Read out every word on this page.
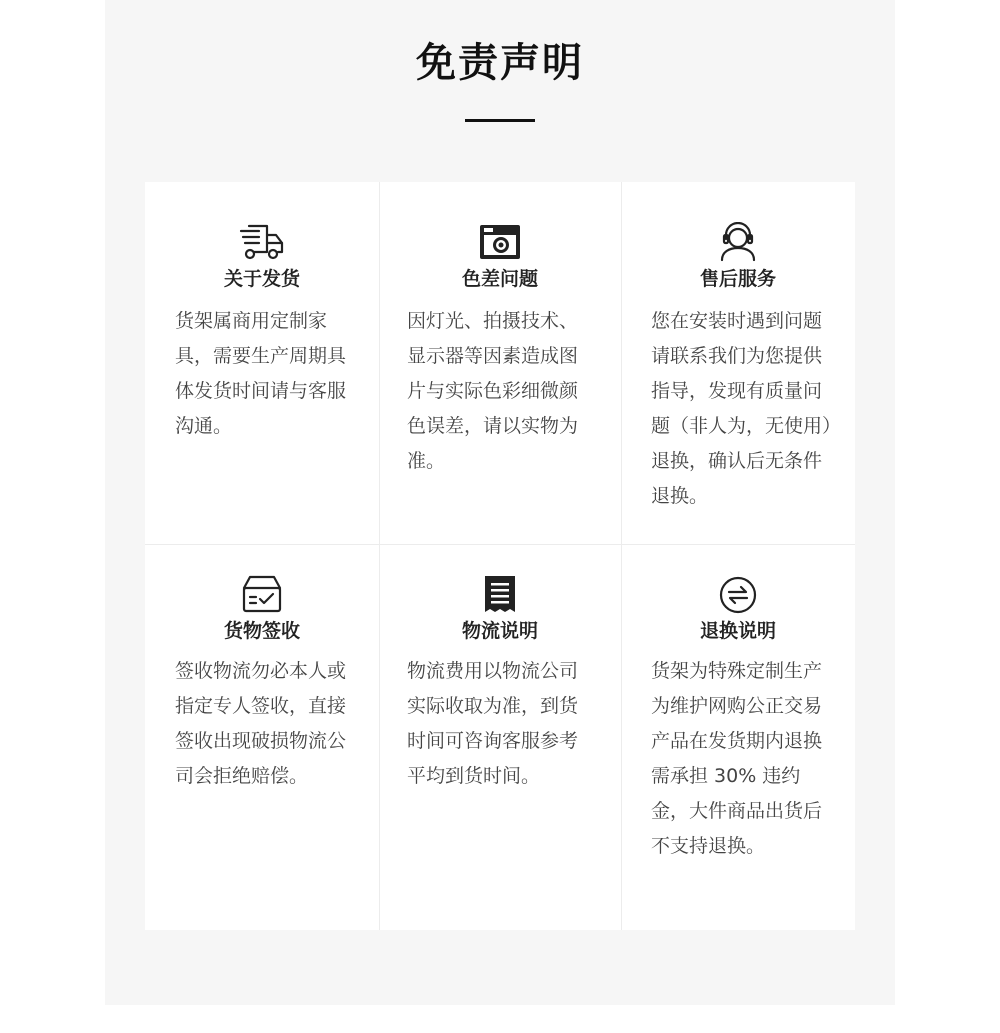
免责声明
关于发货
货架属商用定制家具，需要生产周期具体发货时间请与客服沟通。
色差问题
因灯光、拍摄技术、显示器等因素造成图片与实际色彩细微颜色误差，请以实物为准。
售后服务
您在安装时遇到问题请联系我们为您提供指导，发现有质量问题（非人为，无使用）退换，确认后无条件退换。
货物签收
签收物流勿必本人或指定专人签收，直接签收出现破损物流公司会拒绝赔偿。
物流说明
物流费用以物流公司实际收取为准，到货时间可咨询客服参考平均到货时间。
退换说明
货架为特殊定制生产为维护网购公正交易产品在发货期内退换需承担 30% 违约金，大件商品出货后不支持退换。
